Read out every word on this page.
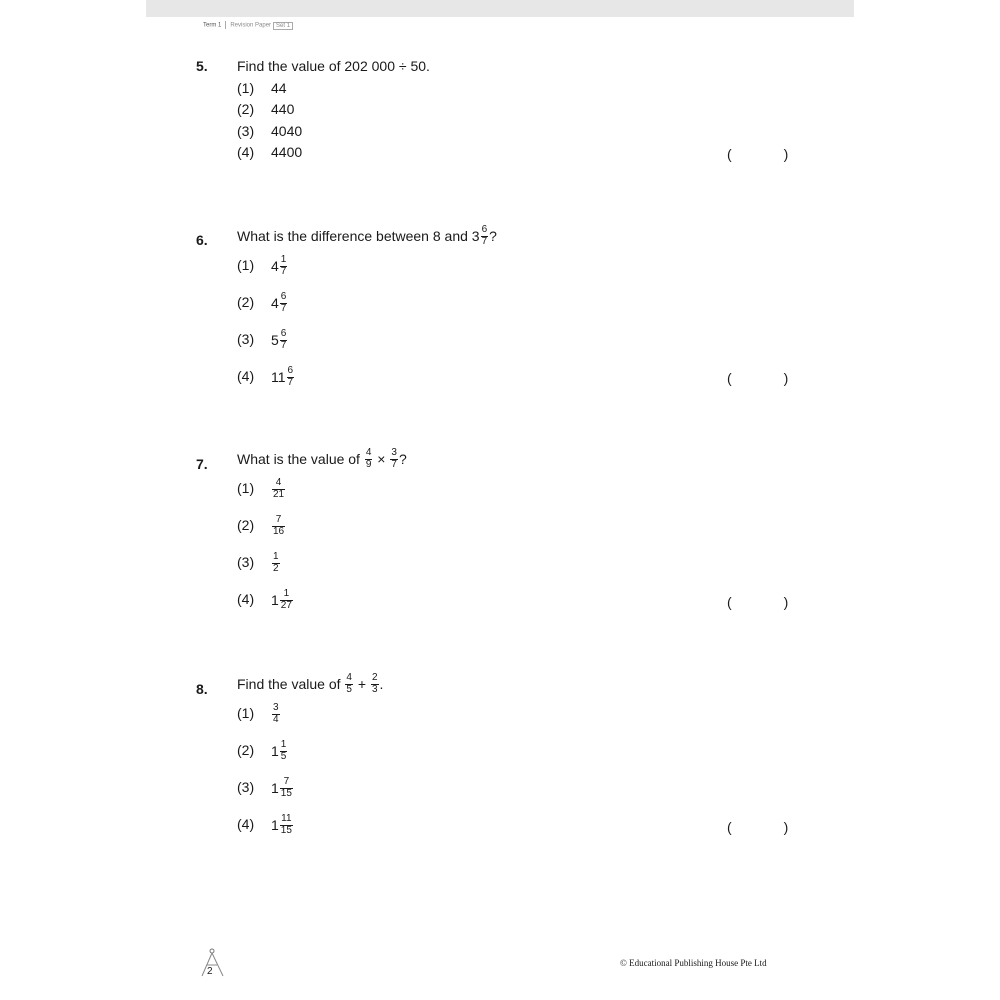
Term 1 Revision Paper Set 1
5. Find the value of 202 000 ÷ 50.
(1) 44
(2) 440
(3) 4040
(4) 4400	(	)
6. What is the difference between 8 and $3 \frac{6}{7}$ ?
(1) $4 \frac{1}{7}$
(2) $4 \frac{6}{7}$
(3) $5 \frac{6}{7}$
(4) $11 \frac{6}{7}$	(	)
7. What is the value of $\frac{4}{9} \times \frac{3}{7}$ ?
$(1) \frac{4}{21}$
$(2) \frac{7}{16}$
$(3) \frac{1}{2}$
(4) $1 \frac{1}{27}$	(	)
8. Find the value of $\frac{4}{5} + \frac{2}{3}$ .
$(1) \frac{3}{4}$
(2) $1 \frac{1}{5}$
(3) $1 \frac{7}{15}$
(4) $1 \frac{11}{15}$	(	)
2
© Educational Publishing House Pte Ltd
